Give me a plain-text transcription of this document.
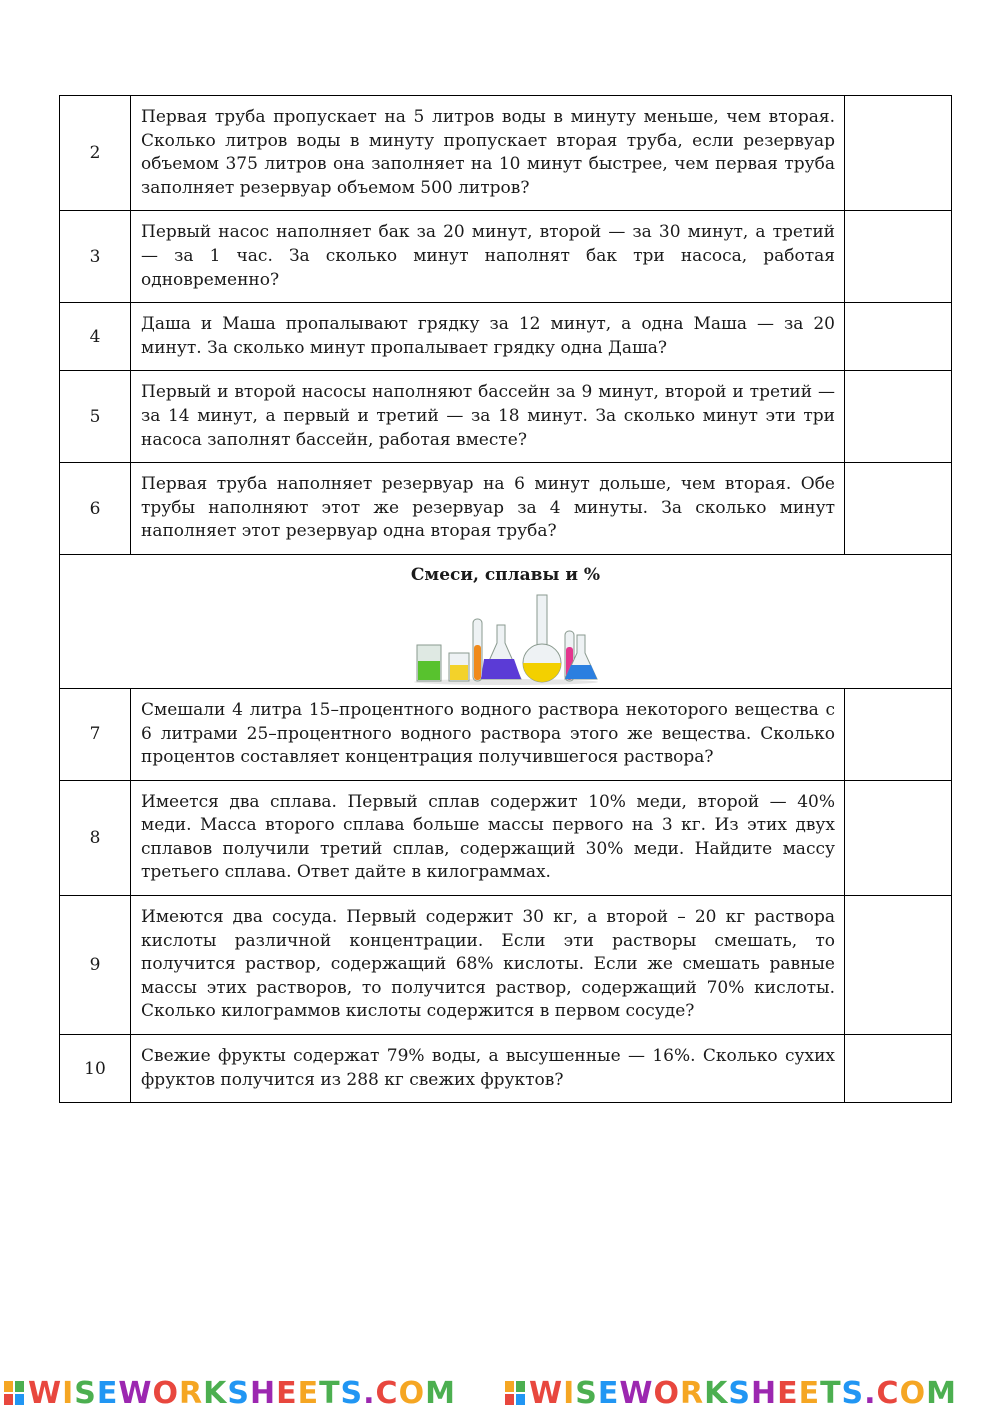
2	Первая труба пропускает на 5 литров воды в минуту меньше, чем вторая. Сколько литров воды в минуту пропускает вторая труба, если резервуар объемом 375 литров она заполняет на 10 минут быстрее, чем первая труба заполняет резервуар объемом 500 литров?	
3	Первый насос наполняет бак за 20 минут, второй — за 30 минут, а третий — за 1 час. За сколько минут наполнят бак три насоса, работая одновременно?	
4	Даша и Маша пропалывают грядку за 12 минут, а одна Маша — за 20 минут. За сколько минут пропалывает грядку одна Даша?	
5	Первый и второй насосы наполняют бассейн за 9 минут, второй и третий — за 14 минут, а первый и третий — за 18 минут. За сколько минут эти три насоса заполнят бассейн, работая вместе?	
6	Первая труба наполняет резервуар на 6 минут дольше, чем вторая. Обе трубы наполняют этот же резервуар за 4 минуты. За сколько минут наполняет этот резервуар одна вторая труба?	

Смеси, сплавы и %		

7	Смешали 4 литра 15–процентного водного раствора некоторого вещества с 6 литрами 25–процентного водного раствора этого же вещества. Сколько процентов составляет концентрация получившегося раствора?	
8	Имеется два сплава. Первый сплав содержит 10% меди, второй — 40% меди. Масса второго сплава больше массы первого на 3 кг. Из этих двух сплавов получили третий сплав, содержащий 30% меди. Найдите массу третьего сплава. Ответ дайте в килограммах.	
9	Имеются два сосуда. Первый содержит 30 кг, а второй – 20 кг раствора кислоты различной концентрации. Если эти растворы смешать, то получится раствор, содержащий 68% кислоты. Если же смешать равные массы этих растворов, то получится раствор, содержащий 70% кислоты. Сколько килограммов кислоты содержится в первом сосуде?	
10	Свежие фрукты содержат 79% воды, а высушенные — 16%. Сколько сухих фруктов получится из 288 кг свежих фруктов?	
WISEWORKSHEETS.COM WISEWORKSHEETS.COM
